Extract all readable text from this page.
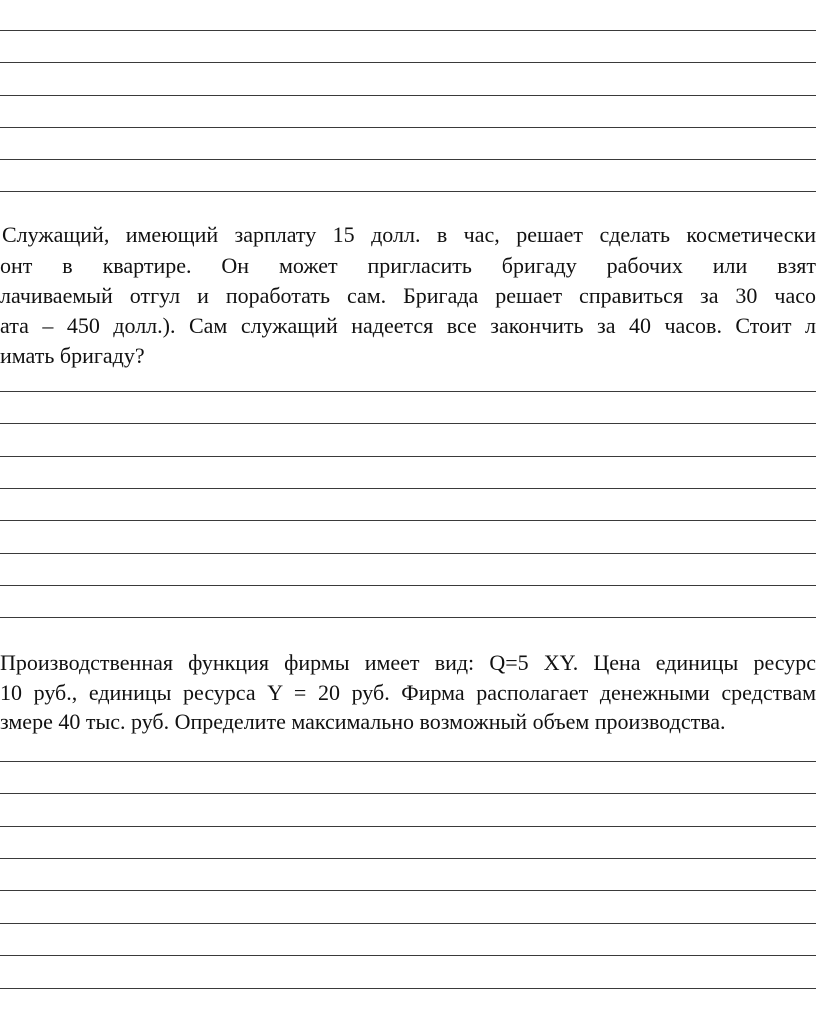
Служащий, имеющий зарплату 15 долл. в час, решает сделать косметически
онт в квартире. Он может пригласить бригаду рабочих или взят
лачиваемый отгул и поработать сам. Бригада решает справиться за 30 часо
ата – 450 долл.). Сам служащий надеется все закончить за 40 часов. Стоит л
имать бригаду?
Производственная функция фирмы имеет вид: Q=5 XY. Цена единицы ресурс
10 руб., единицы ресурса Y = 20 руб. Фирма располагает денежными средствам
змере 40 тыс. руб. Определите максимально возможный объем производства.
